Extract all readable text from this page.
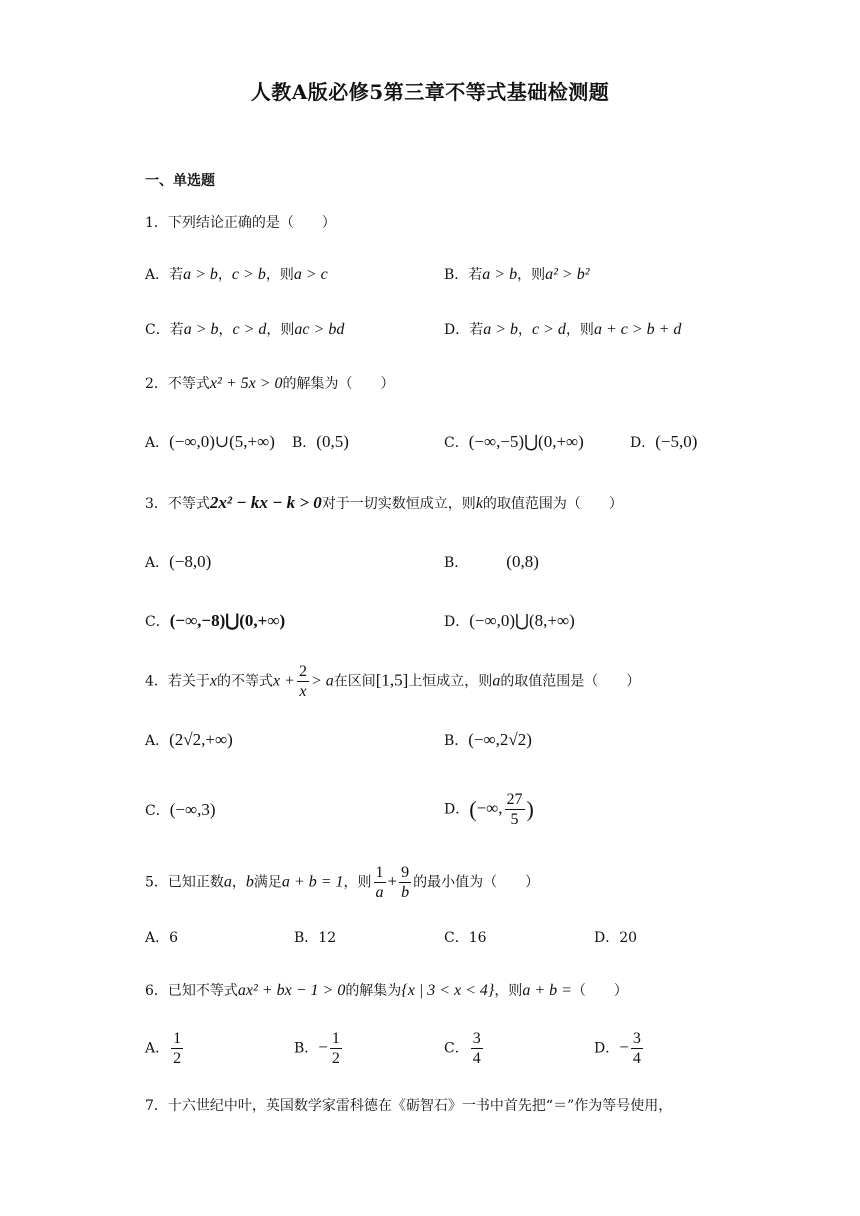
人教A版必修5第三章不等式基础检测题
一、单选题
1．下列结论正确的是（　　）
A．若a > b，c > b，则a > c	B．若a > b，则a² > b²
C．若a > b，c > d，则ac > bd	D．若a > b，c > d，则a + c > b + d
2．不等式x² + 5x > 0的解集为（　　）
A．(−∞,0)∪(5,+∞) B．(0,5)	C．(−∞,−5)⋃(0,+∞)	D．(−5,0)
3．不等式2x² − kx − k > 0对于一切实数恒成立，则k的取值范围为（　　）
A．(−8,0)	B． (0,8)
C．(−∞,−8)⋃(0,+∞)	D．(−∞,0)⋃(8,+∞)
4．若关于x的不等式$x + \frac{2}{x} > a$在区间[1,5]上恒成立，则a的取值范围是（　　）
A．(2√2,+∞)	B．(−∞,2√2)
C．(−∞,3)	D．(−∞, $\frac{27}{5}$ )
5．已知正数a，b满足a + b = 1，则 $\frac{1}{a} + \frac{9}{b}$ 的最小值为（　　）
A．6	B．12	C．16	D．20
6．已知不等式ax² + bx − 1 > 0的解集为{x | 3 < x < 4}，则a + b =（　　）
A． $\frac{1}{2}$	B．− $\frac{1}{2}$	C． $\frac{3}{4}$	D．− $\frac{3}{4}$
7．十六世纪中叶，英国数学家雷科德在《砺智石》一书中首先把“＝”作为等号使用，
